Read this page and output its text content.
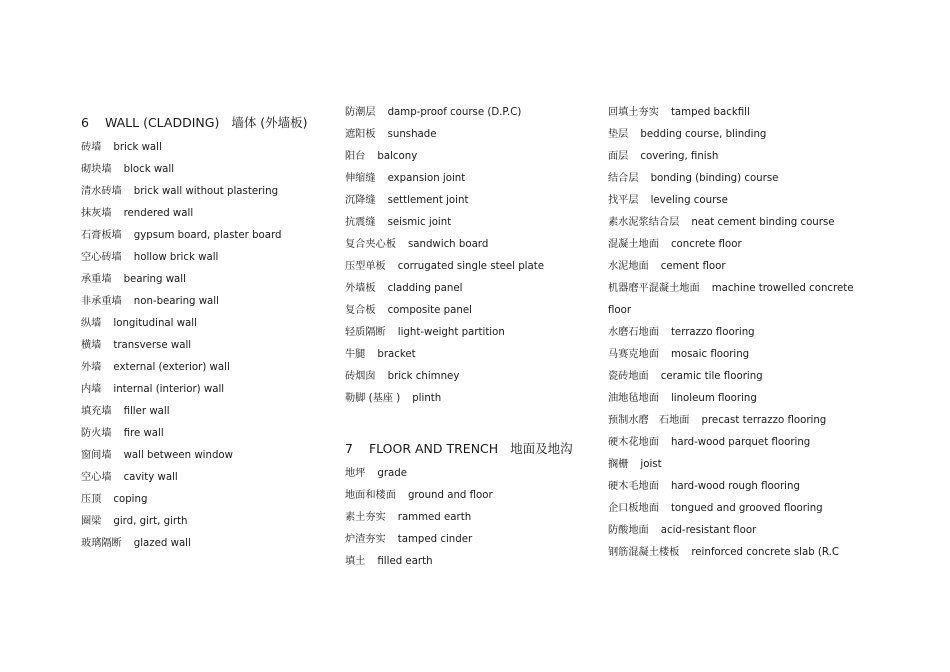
6 WALL (CLADDING) 墙体 (外墙板)
砖墙 brick wall
砌块墙 block wall
清水砖墙 brick wall without plastering
抹灰墙 rendered wall
石膏板墙 gypsum board, plaster board
空心砖墙 hollow brick wall
承重墙 bearing wall
非承重墙 non-bearing wall
纵墙 longitudinal wall
横墙 transverse wall
外墙 external (exterior) wall
内墙 internal (interior) wall
填充墙 filler wall
防火墙 fire wall
窗间墙 wall between window
空心墙 cavity wall
压顶 coping
圈梁 gird, girt, girth
玻璃隔断 glazed wall
防潮层 damp-proof course (D.P.C)
遮阳板 sunshade
阳台 balcony
伸缩缝 expansion joint
沉降缝 settlement joint
抗震缝 seismic joint
复合夹心板 sandwich board
压型单板 corrugated single steel plate
外墙板 cladding panel
复合板 composite panel
轻质隔断 light-weight partition
牛腿 bracket
砖烟囱 brick chimney
勒脚 (基座 ) plinth
7 FLOOR AND TRENCH 地面及地沟
地坪 grade
地面和楼面 ground and floor
素土夯实 rammed earth
炉渣夯实 tamped cinder
填土 filled earth
回填土夯实 tamped backfill
垫层 bedding course, blinding
面层 covering, finish
结合层 bonding (binding) course
找平层 leveling course
素水泥浆结合层 neat cement binding course
混凝土地面 concrete floor
水泥地面 cement floor
机器磨平混凝土地面 machine trowelled concrete floor
水磨石地面 terrazzo flooring
马赛克地面 mosaic flooring
瓷砖地面 ceramic tile flooring
油地毡地面 linoleum flooring
预制水磨　石地面 precast terrazzo flooring
硬木花地面 hard-wood parquet flooring
搁栅 joist
硬木毛地面 hard-wood rough flooring
企口板地面 tongued and grooved flooring
防酸地面 acid-resistant floor
钢筋混凝土楼板 reinforced concrete slab (R.C
